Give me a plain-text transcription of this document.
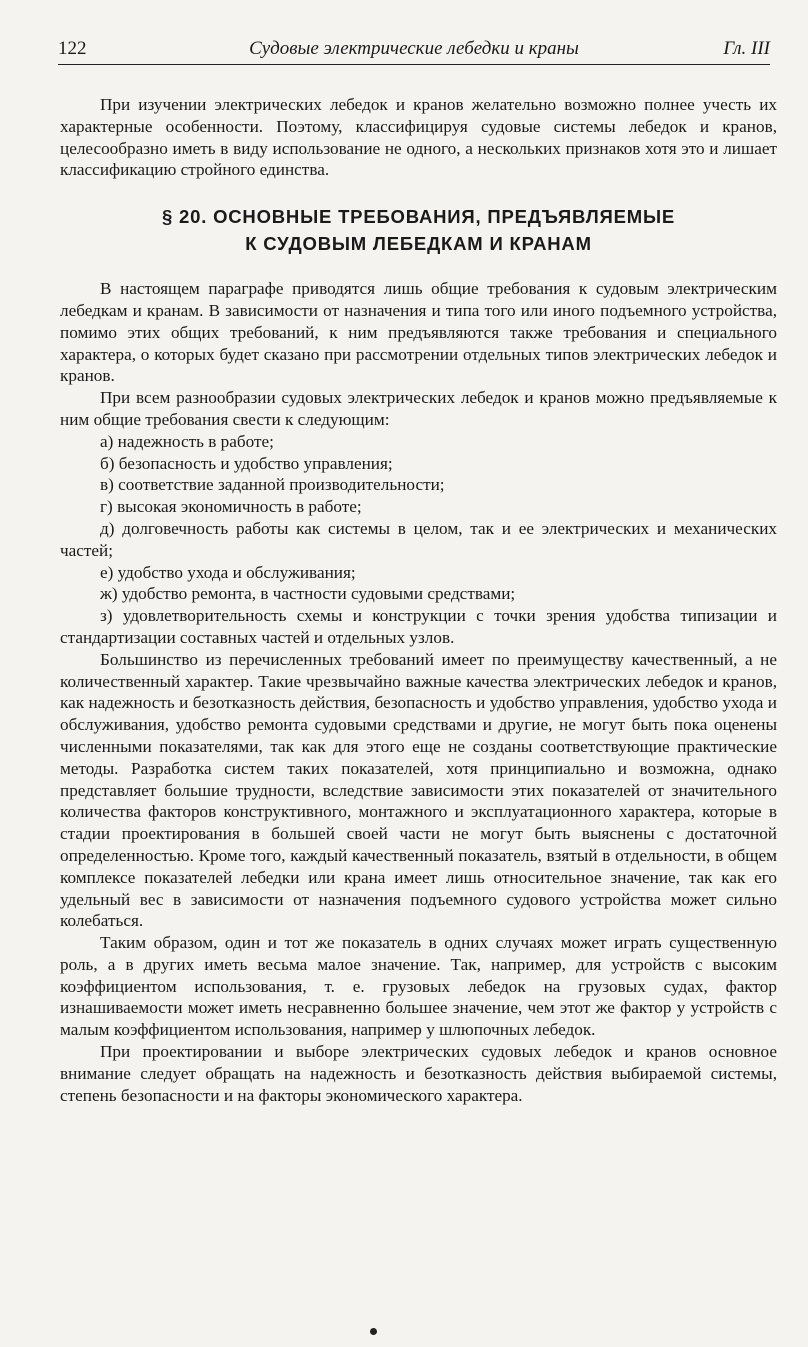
122	Судовые электрические лебедки и краны	Гл. III

При изучении электрических лебедок и кранов желательно возможно полнее учесть их характерные особенности. Поэтому, классифицируя судовые системы лебедок и кранов, целесообразно иметь в виду использование не одного, а нескольких признаков хотя это и лишает классификацию стройного единства.

§ 20. ОСНОВНЫЕ ТРЕБОВАНИЯ, ПРЕДЪЯВЛЯЕМЫЕ
К СУДОВЫМ ЛЕБЕДКАМ И КРАНАМ

В настоящем параграфе приводятся лишь общие требования к судовым электрическим лебедкам и кранам. В зависимости от назначения и типа того или иного подъемного устройства, помимо этих общих требований, к ним предъявляются также требования и специального характера, о которых будет сказано при рассмотрении отдельных типов электрических лебедок и кранов.

При всем разнообразии судовых электрических лебедок и кранов можно предъявляемые к ним общие требования свести к следующим:

а) надежность в работе;
б) безопасность и удобство управления;
в) соответствие заданной производительности;
г) высокая экономичность в работе;
д) долговечность работы как системы в целом, так и ее электрических и механических частей;
е) удобство ухода и обслуживания;
ж) удобство ремонта, в частности судовыми средствами;
з) удовлетворительность схемы и конструкции с точки зрения удобства типизации и стандартизации составных частей и отдельных узлов.

Большинство из перечисленных требований имеет по преимуществу качественный, а не количественный характер. Такие чрезвычайно важные качества электрических лебедок и кранов, как надежность и безотказность действия, безопасность и удобство управления, удобство ухода и обслуживания, удобство ремонта судовыми средствами и другие, не могут быть пока оценены численными показателями, так как для этого еще не созданы соответствующие практические методы. Разработка систем таких показателей, хотя принципиально и возможна, однако представляет большие трудности, вследствие зависимости этих показателей от значительного количества факторов конструктивного, монтажного и эксплуатационного характера, которые в стадии проектирования в большей своей части не могут быть выяснены с достаточной определенностью. Кроме того, каждый качественный показатель, взятый в отдельности, в общем комплексе показателей лебедки или крана имеет лишь относительное значение, так как его удельный вес в зависимости от назначения подъемного судового устройства может сильно колебаться.

Таким образом, один и тот же показатель в одних случаях может играть существенную роль, а в других иметь весьма малое значение. Так, например, для устройств с высоким коэффициентом использования, т. е. грузовых лебедок на грузовых судах, фактор изнашиваемости может иметь несравненно большее значение, чем этот же фактор у устройств с малым коэффициентом использования, например у шлюпочных лебедок.

При проектировании и выборе электрических судовых лебедок и кранов основное внимание следует обращать на надежность и безотказность действия выбираемой системы, степень безопасности и на факторы экономического характера.
